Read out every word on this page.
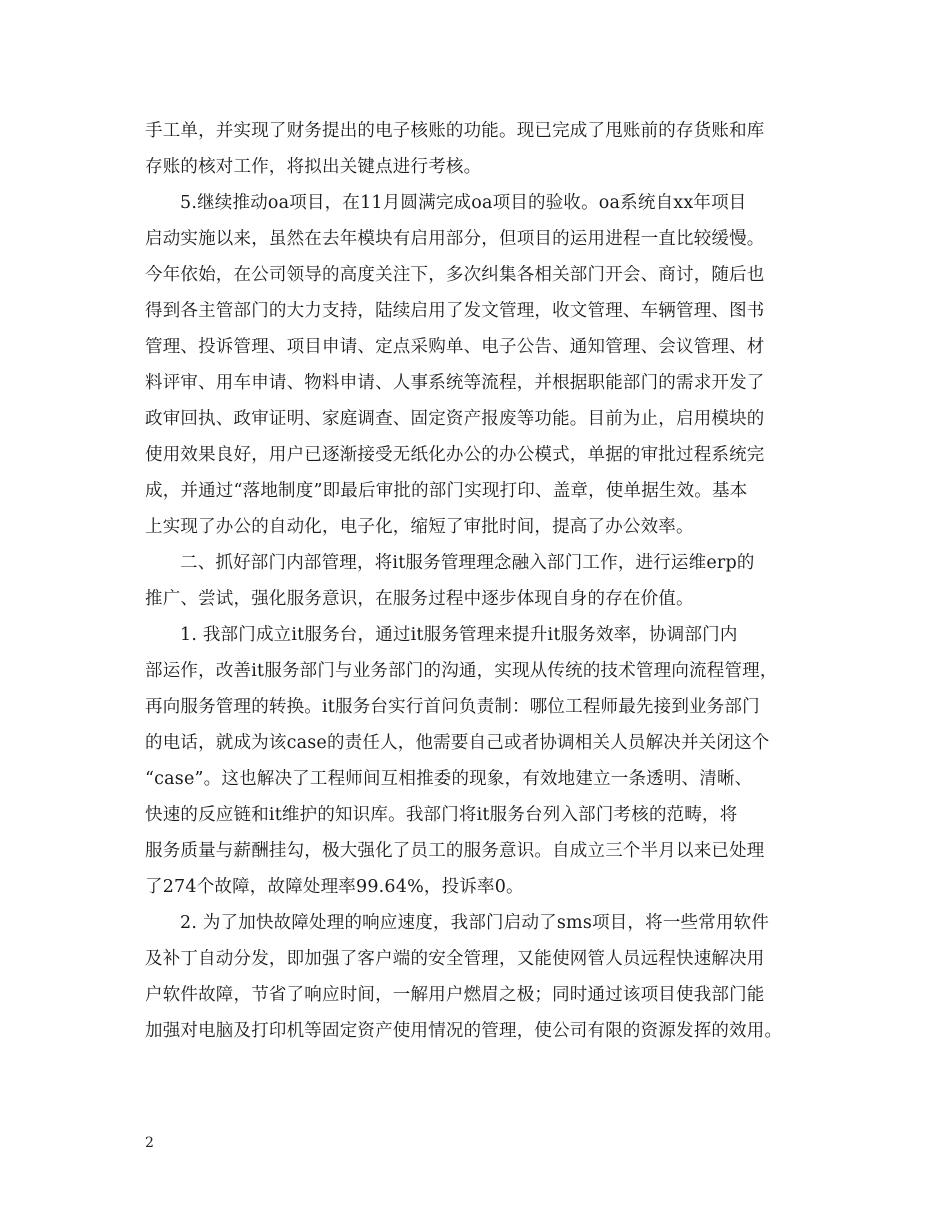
手工单，并实现了财务提出的电子核账的功能。现已完成了甩账前的存货账和库
存账的核对工作，将拟出关键点进行考核。
5.继续推动oa项目，在11月圆满完成oa项目的验收。oa系统自xx年项目
启动实施以来，虽然在去年模块有启用部分，但项目的运用进程一直比较缓慢。
今年依始，在公司领导的高度关注下，多次纠集各相关部门开会、商讨，随后也
得到各主管部门的大力支持，陆续启用了发文管理，收文管理、车辆管理、图书
管理、投诉管理、项目申请、定点采购单、电子公告、通知管理、会议管理、材
料评审、用车申请、物料申请、人事系统等流程，并根据职能部门的需求开发了
政审回执、政审证明、家庭调查、固定资产报废等功能。目前为止，启用模块的
使用效果良好，用户已逐渐接受无纸化办公的办公模式，单据的审批过程系统完
成，并通过“落地制度”即最后审批的部门实现打印、盖章，使单据生效。基本
上实现了办公的自动化，电子化，缩短了审批时间，提高了办公效率。
二、抓好部门内部管理，将it服务管理理念融入部门工作，进行运维erp的
推广、尝试，强化服务意识，在服务过程中逐步体现自身的存在价值。
1. 我部门成立it服务台，通过it服务管理来提升it服务效率，协调部门内
部运作，改善it服务部门与业务部门的沟通，实现从传统的技术管理向流程管理，
再向服务管理的转换。it服务台实行首问负责制：哪位工程师最先接到业务部门
的电话，就成为该case的责任人，他需要自己或者协调相关人员解决并关闭这个
“case”。这也解决了工程师间互相推委的现象，有效地建立一条透明、清晰、
快速的反应链和it维护的知识库。我部门将it服务台列入部门考核的范畴，将
服务质量与薪酬挂勾，极大强化了员工的服务意识。自成立三个半月以来已处理
了274个故障，故障处理率99.64%，投诉率0。
2. 为了加快故障处理的响应速度，我部门启动了sms项目，将一些常用软件
及补丁自动分发，即加强了客户端的安全管理，又能使网管人员远程快速解决用
户软件故障，节省了响应时间，一解用户燃眉之极；同时通过该项目使我部门能
加强对电脑及打印机等固定资产使用情况的管理，使公司有限的资源发挥的效用。
2
